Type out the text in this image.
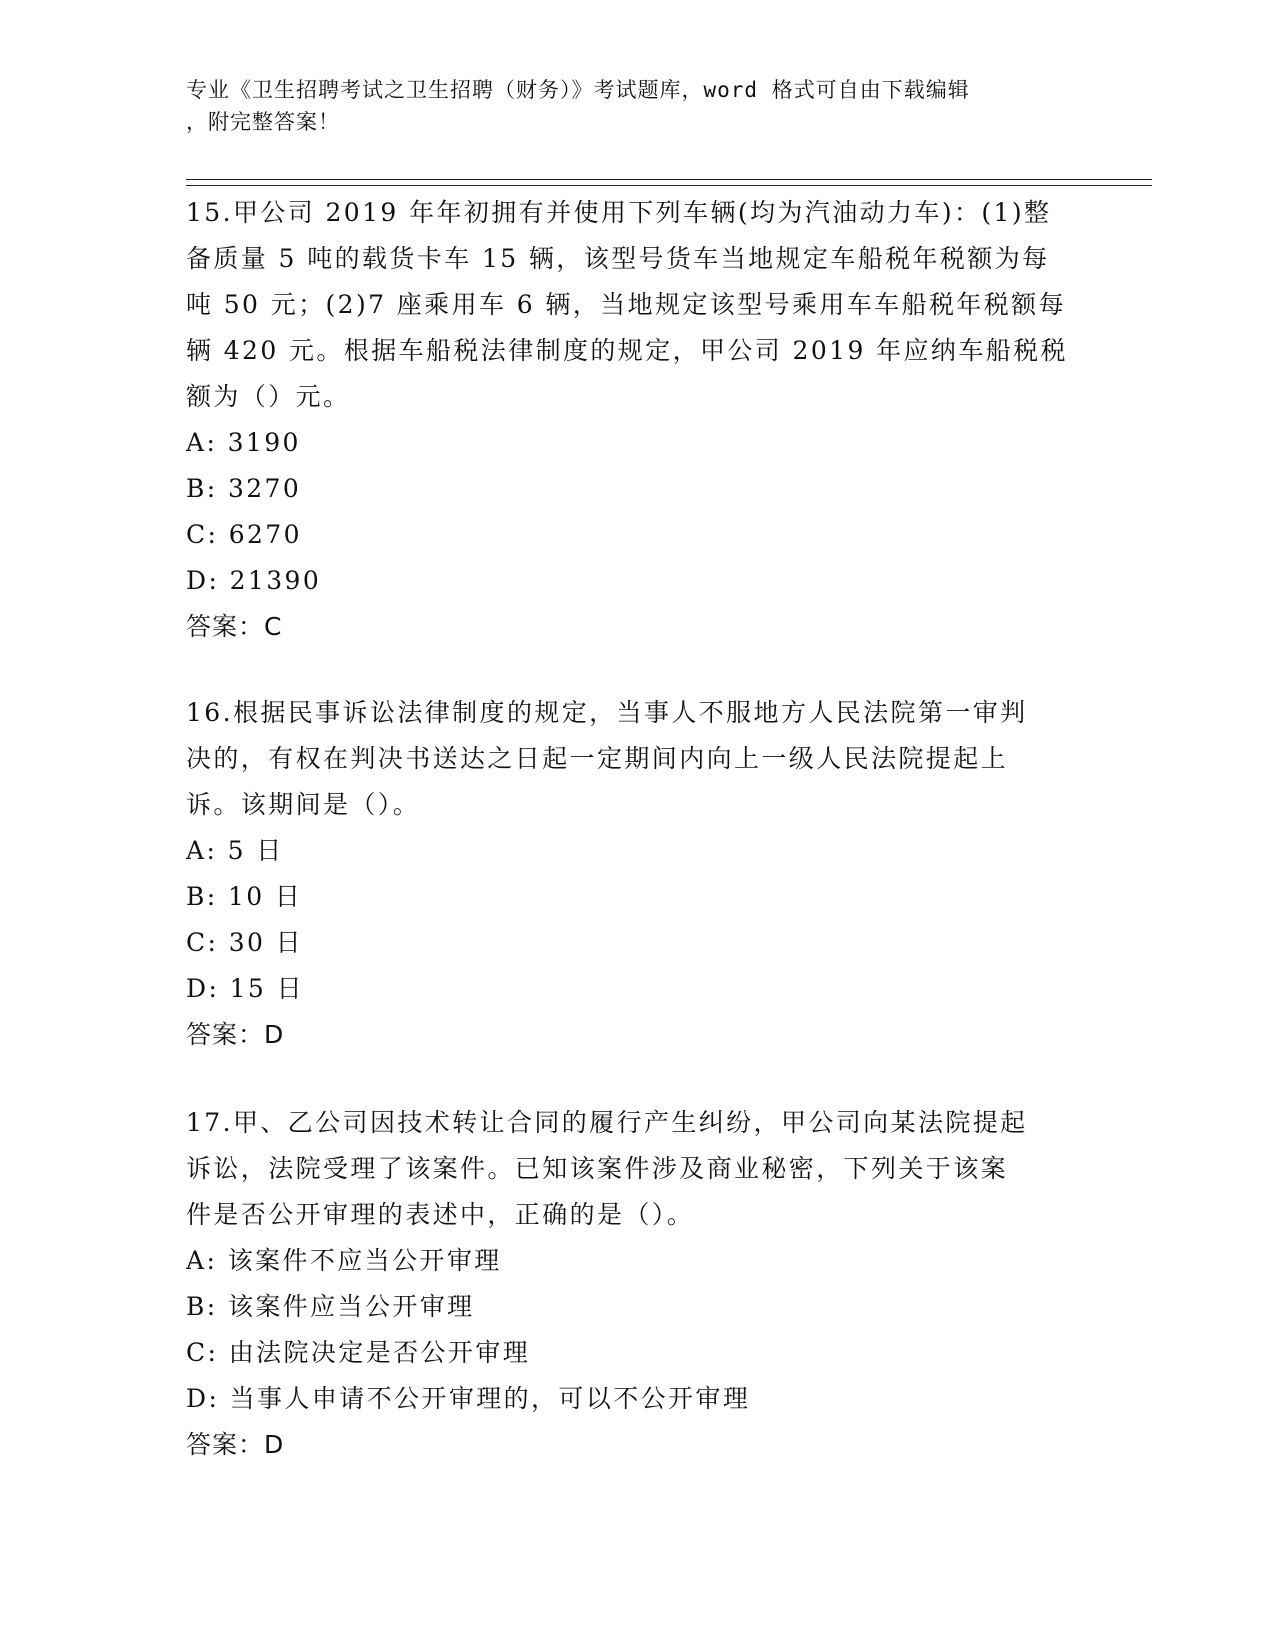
专业《卫生招聘考试之卫生招聘（财务）》考试题库，word 格式可自由下载编辑
，附完整答案！
15.甲公司 2019 年年初拥有并使用下列车辆(均为汽油动力车)：(1)整
备质量 5 吨的载货卡车 15 辆，该型号货车当地规定车船税年税额为每
吨 50 元；(2)7 座乘用车 6 辆，当地规定该型号乘用车车船税年税额每
辆 420 元。根据车船税法律制度的规定，甲公司 2019 年应纳车船税税
额为（）元。
A: 3190
B: 3270
C: 6270
D: 21390
答案：C
16.根据民事诉讼法律制度的规定，当事人不服地方人民法院第一审判
决的，有权在判决书送达之日起一定期间内向上一级人民法院提起上
诉。该期间是（）。
A: 5 日
B: 10 日
C: 30 日
D: 15 日
答案：D
17.甲、乙公司因技术转让合同的履行产生纠纷，甲公司向某法院提起
诉讼，法院受理了该案件。已知该案件涉及商业秘密，下列关于该案
件是否公开审理的表述中，正确的是（）。
A: 该案件不应当公开审理
B: 该案件应当公开审理
C: 由法院决定是否公开审理
D: 当事人申请不公开审理的，可以不公开审理
答案：D
